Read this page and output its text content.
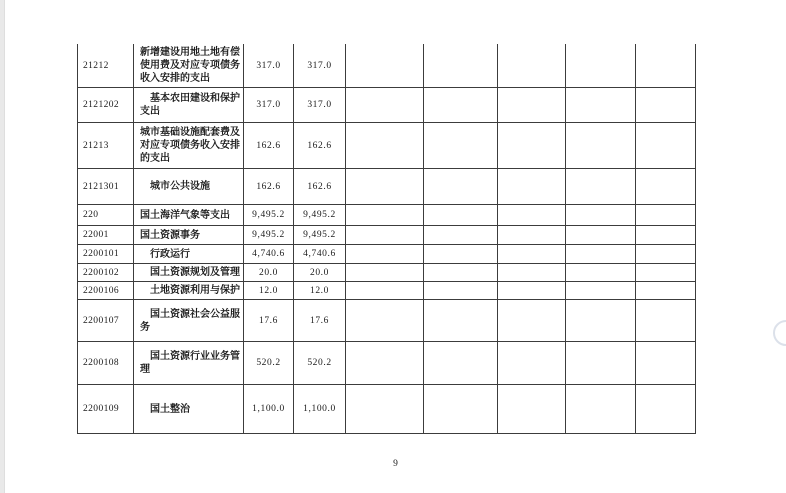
21212	新增建设用地土地有偿使用费及对应专项债务收入安排的支出	317.0	317.0					
2121202	基本农田建设和保护支出	317.0	317.0					
21213	城市基础设施配套费及对应专项债务收入安排的支出	162.6	162.6					
2121301	城市公共设施	162.6	162.6					
220	国土海洋气象等支出	9,495.2	9,495.2					
22001	国土资源事务	9,495.2	9,495.2					
2200101	行政运行	4,740.6	4,740.6					
2200102	国土资源规划及管理	20.0	20.0					
2200106	土地资源利用与保护	12.0	12.0					
2200107	国土资源社会公益服务	17.6	17.6					
2200108	国土资源行业业务管理	520.2	520.2					
2200109	国土整治	1,100.0	1,100.0					
9
